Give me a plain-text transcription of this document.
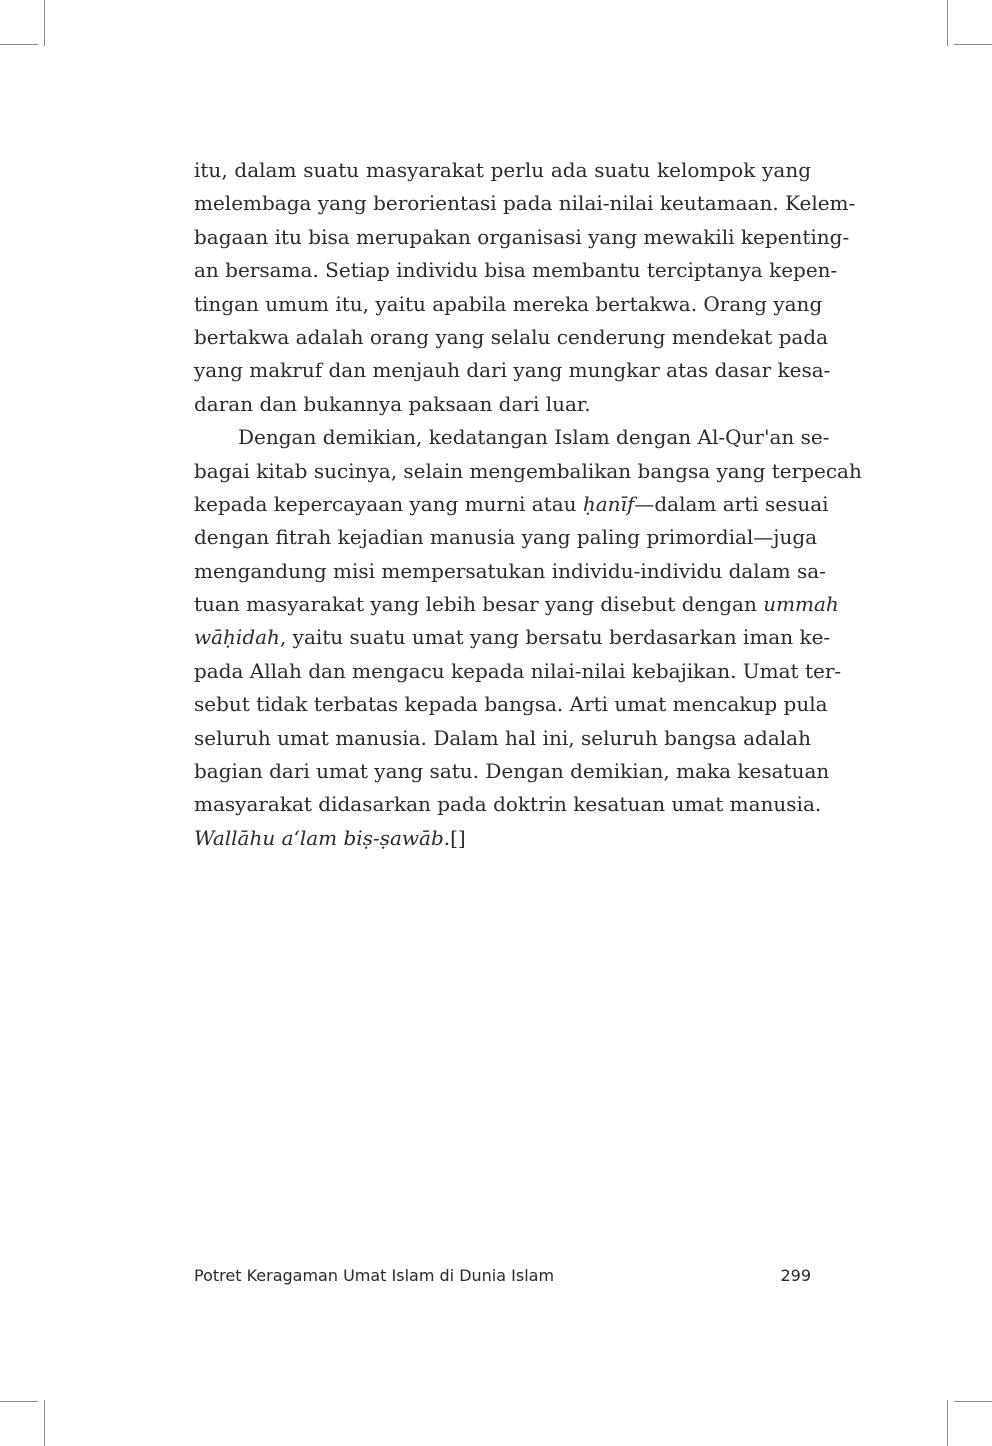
itu, dalam suatu masyarakat perlu ada suatu kelompok yang
melembaga yang berorientasi pada nilai-nilai keutamaan. Kelem-
bagaan itu bisa merupakan organisasi yang mewakili kepenting-
an bersama. Setiap individu bisa membantu terciptanya kepen-
tingan umum itu, yaitu apabila mereka bertakwa. Orang yang
bertakwa adalah orang yang selalu cenderung mendekat pada
yang makruf dan menjauh dari yang mungkar atas dasar kesa-
daran dan bukannya paksaan dari luar.
Dengan demikian, kedatangan Islam dengan Al-Qur'an se-
bagai kitab sucinya, selain mengembalikan bangsa yang terpecah
kepada kepercayaan yang murni atau ḥanīf—dalam arti sesuai
dengan fitrah kejadian manusia yang paling primordial—juga
mengandung misi mempersatukan individu-individu dalam sa-
tuan masyarakat yang lebih besar yang disebut dengan ummah
wāḥidah, yaitu suatu umat yang bersatu berdasarkan iman ke-
pada Allah dan mengacu kepada nilai-nilai kebajikan. Umat ter-
sebut tidak terbatas kepada bangsa. Arti umat mencakup pula
seluruh umat manusia. Dalam hal ini, seluruh bangsa adalah
bagian dari umat yang satu. Dengan demikian, maka kesatuan
masyarakat didasarkan pada doktrin kesatuan umat manusia.
Wallāhu a‘lam biṣ-ṣawāb.[]
Potret Keragaman Umat Islam di Dunia Islam	299
